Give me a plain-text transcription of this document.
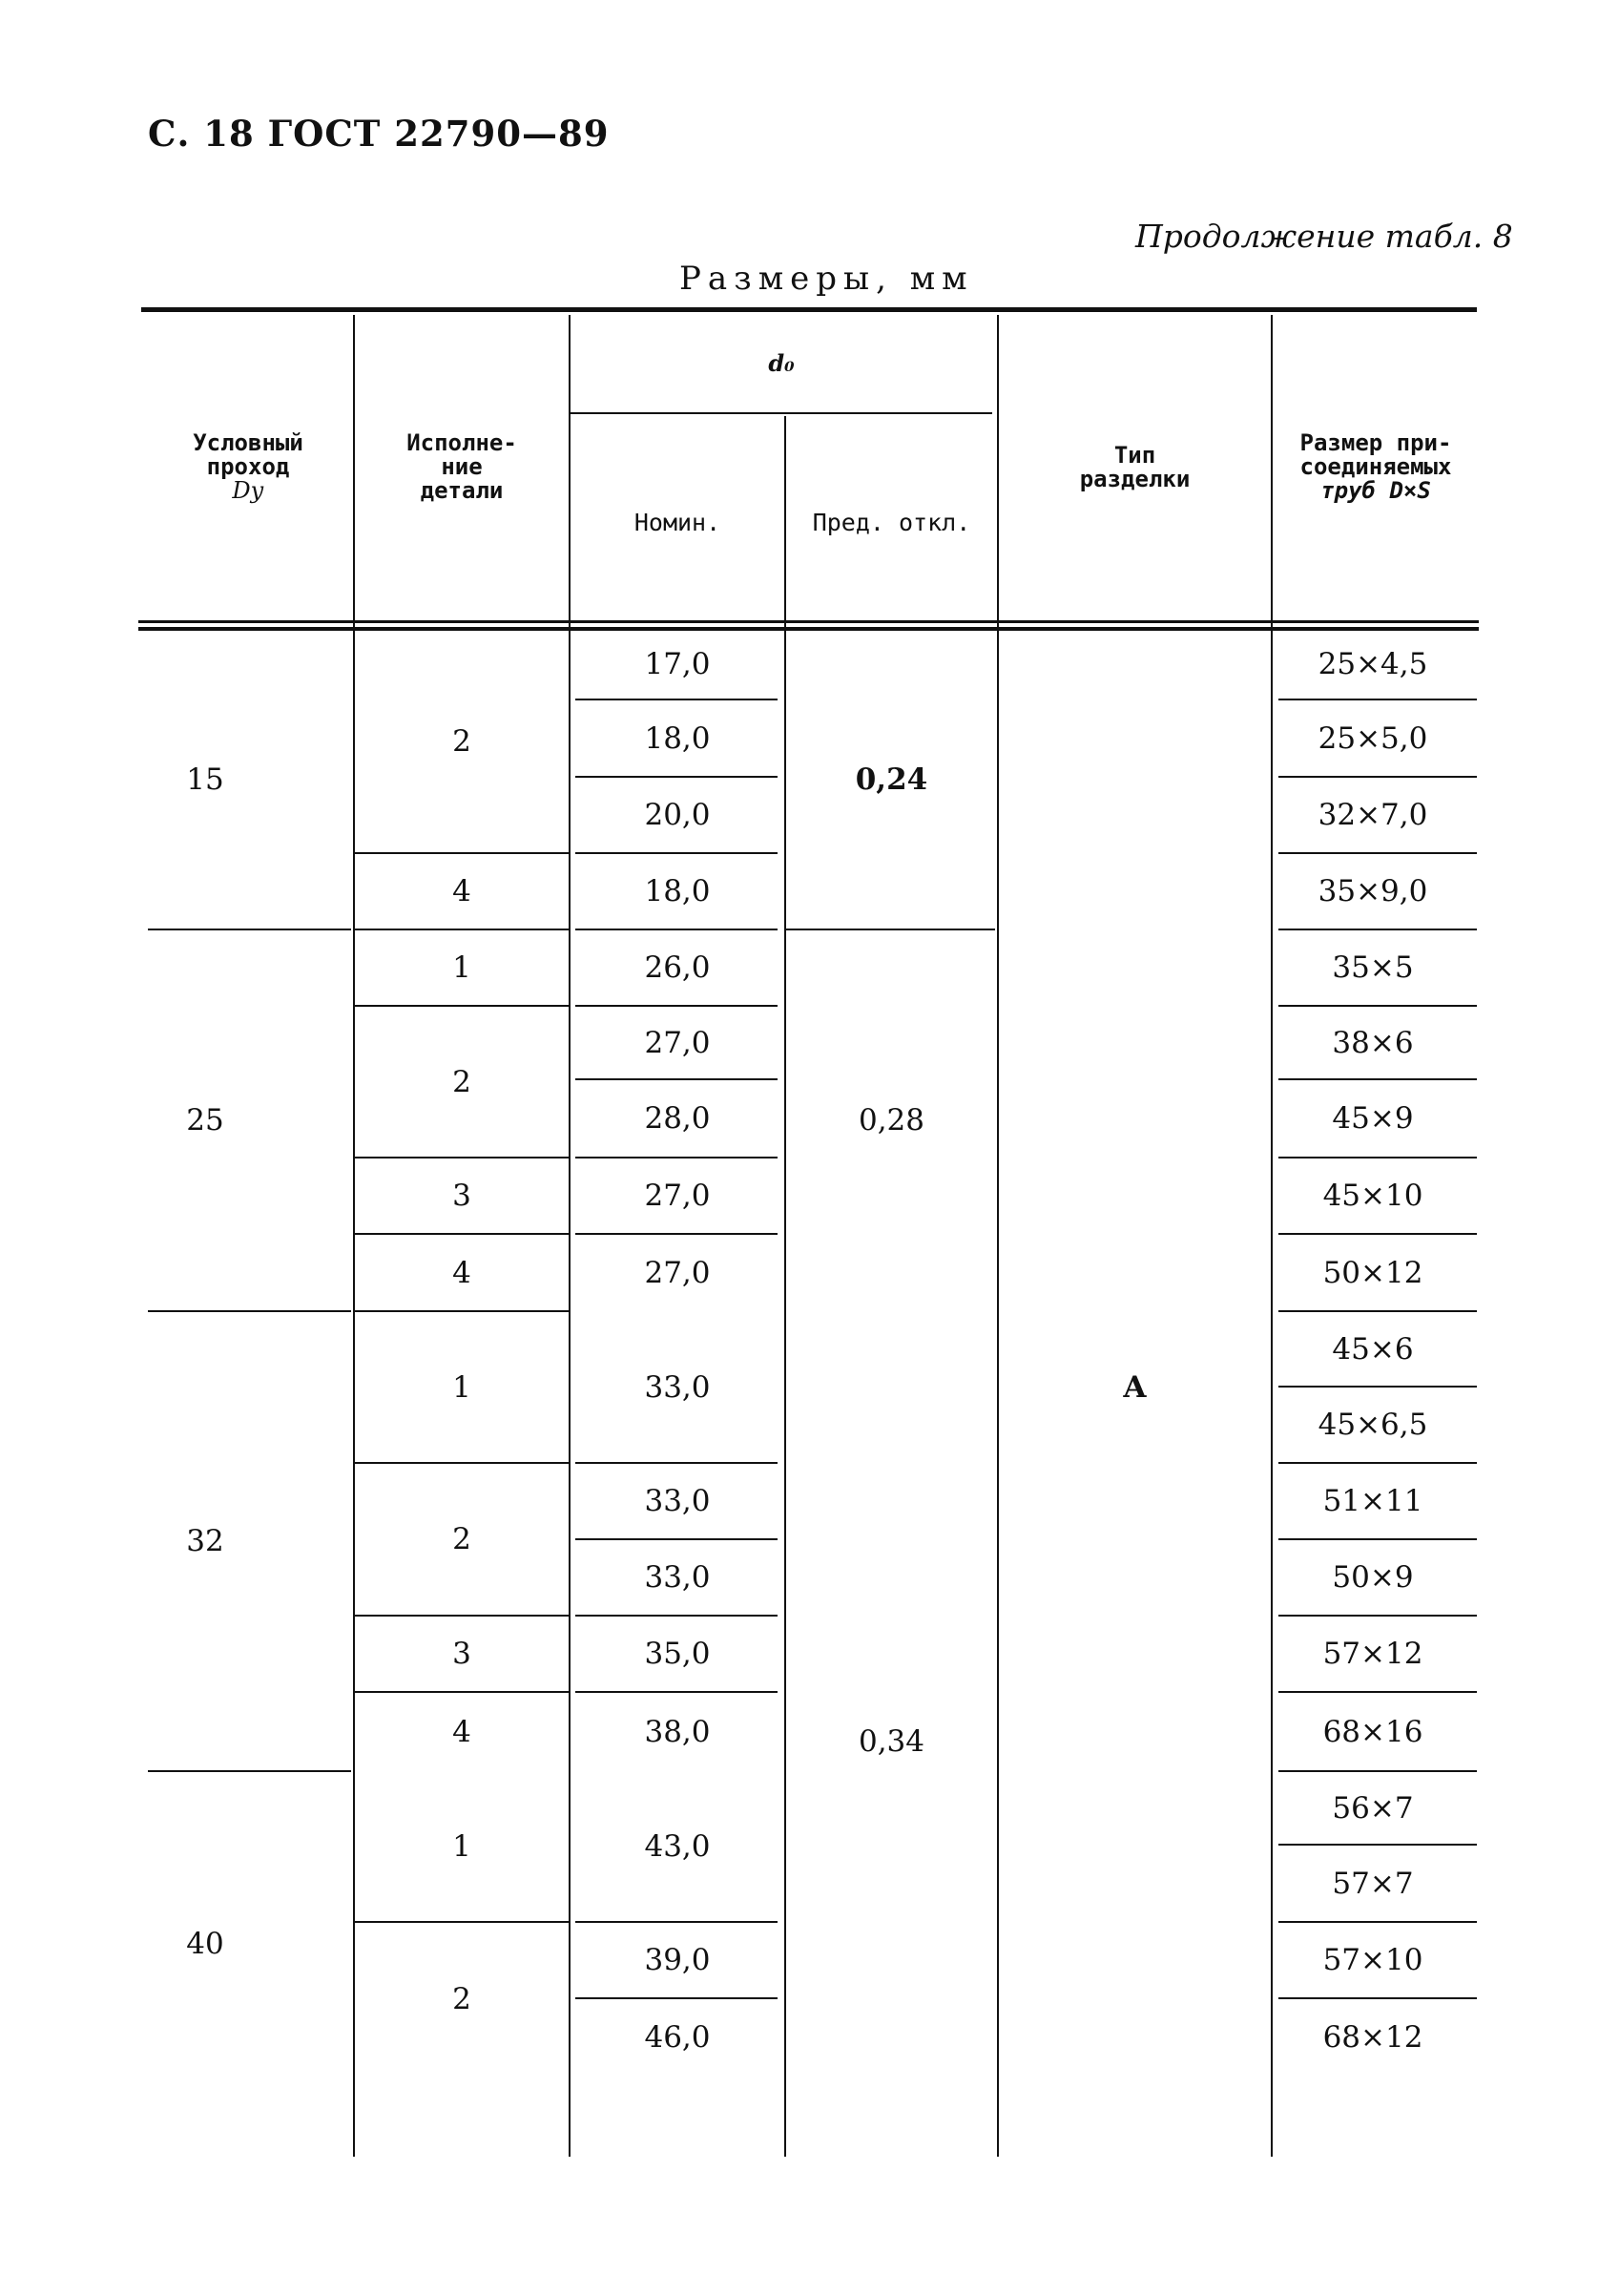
С. 18 ГОСТ 22790—89
Продолжение табл. 8
Размеры, мм
Условный
проход
Dу
Исполне-
ние
детали
d₀
Номин.	Пред. откл.
Тип
разделки
Размер при-
соединяемых
труб D×S
15
25
32
40
2
4
1
2
3
4
1
2
3
4
1
2
17,0
18,0
20,0
18,0
26,0
27,0
28,0
27,0
27,0
33,0
33,0
33,0
35,0
38,0
43,0
39,0
46,0
0,24
0,28
0,34
А
25×4,5
25×5,0
32×7,0
35×9,0
35×5
38×6
45×9
45×10
50×12
45×6
45×6,5
51×11
50×9
57×12
68×16
56×7
57×7
57×10
68×12
